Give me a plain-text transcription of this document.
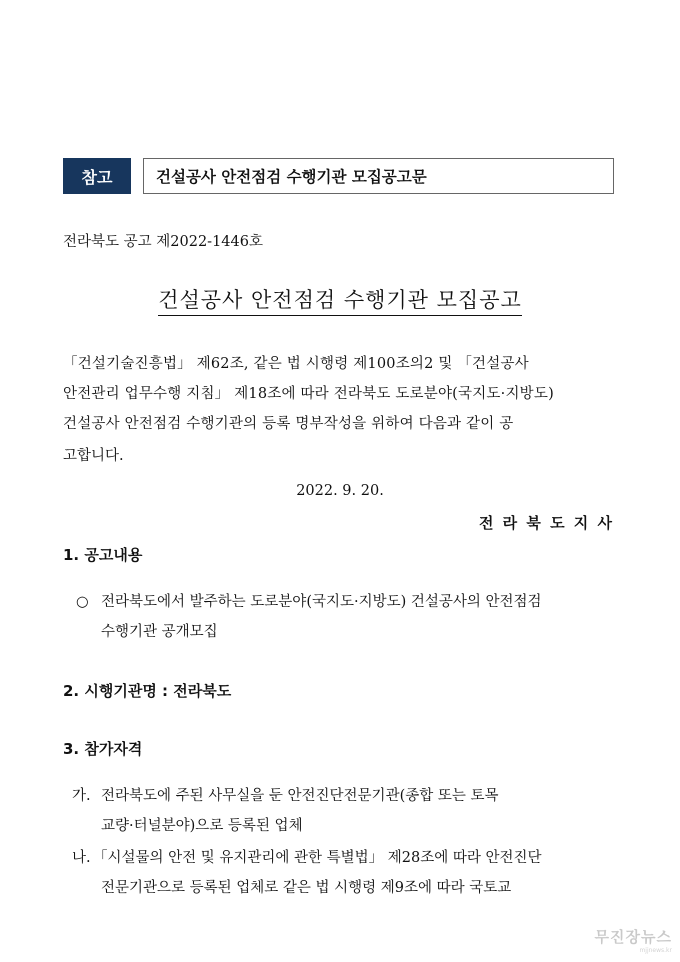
참고	건설공사 안전점검 수행기관 모집공고문
전라북도 공고 제2022-1446호
건설공사 안전점검 수행기관 모집공고
「건설기술진흥법」 제62조, 같은 법 시행령 제100조의2 및 「건설공사
안전관리 업무수행 지침」 제18조에 따라 전라북도 도로분야(국지도·지방도)
건설공사 안전점검 수행기관의 등록 명부작성을 위하여 다음과 같이 공
고합니다.
2022. 9. 20.
전 라 북 도 지 사
1. 공고내용
○ 전라북도에서 발주하는 도로분야(국지도·지방도) 건설공사의 안전점검
수행기관 공개모집
2. 시행기관명 : 전라북도
3. 참가자격
가. 전라북도에 주된 사무실을 둔 안전진단전문기관(종합 또는 토목
교량·터널분야)으로 등록된 업체
나. 「시설물의 안전 및 유지관리에 관한 특별법」 제28조에 따라 안전진단
전문기관으로 등록된 업체로 같은 법 시행령 제9조에 따라 국토교
무진장뉴스
mjjnews.kr
